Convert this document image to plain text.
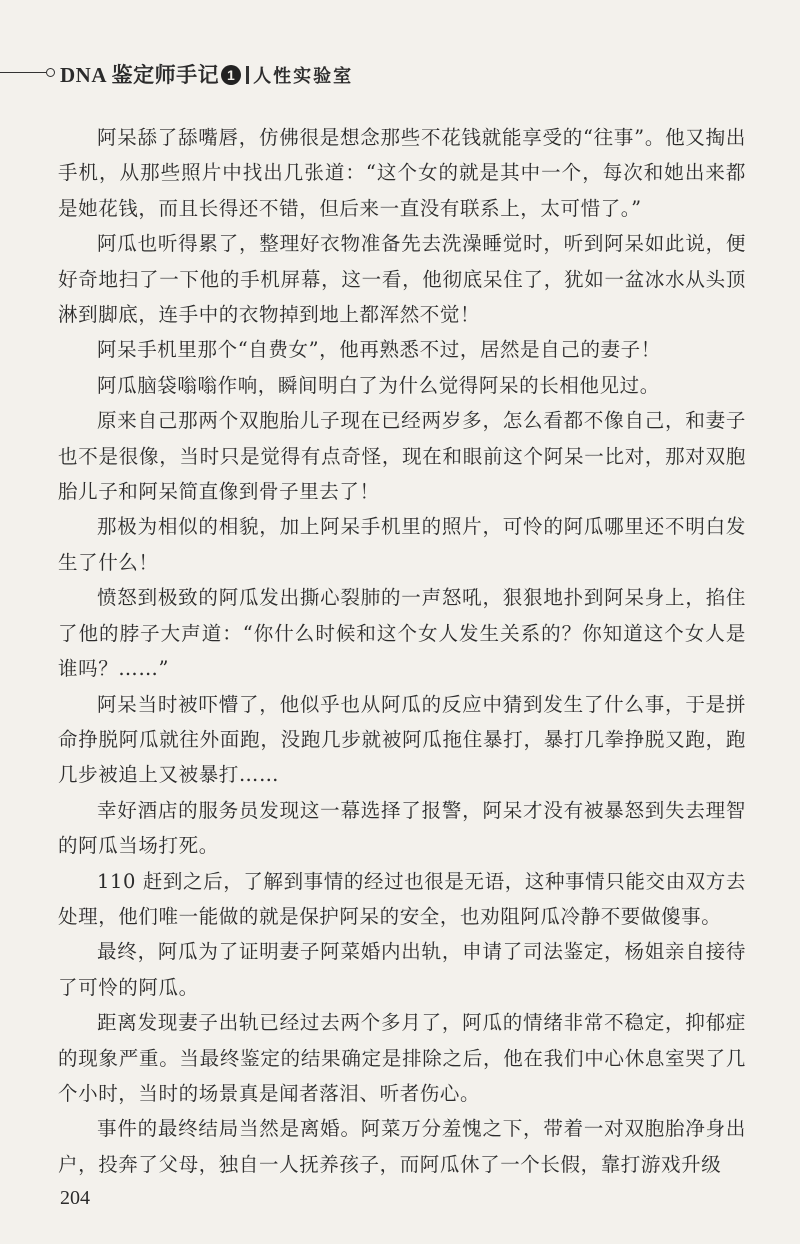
DNA 鉴定师手记 1 人性实验室

阿呆舔了舔嘴唇，仿佛很是想念那些不花钱就能享受的“往事”。他又掏出手机，从那些照片中找出几张道：“这个女的就是其中一个，每次和她出来都是她花钱，而且长得还不错，但后来一直没有联系上，太可惜了。”

阿瓜也听得累了，整理好衣物准备先去洗澡睡觉时，听到阿呆如此说，便好奇地扫了一下他的手机屏幕，这一看，他彻底呆住了，犹如一盆冰水从头顶淋到脚底，连手中的衣物掉到地上都浑然不觉！

阿呆手机里那个“自费女”，他再熟悉不过，居然是自己的妻子！

阿瓜脑袋嗡嗡作响，瞬间明白了为什么觉得阿呆的长相他见过。

原来自己那两个双胞胎儿子现在已经两岁多，怎么看都不像自己，和妻子也不是很像，当时只是觉得有点奇怪，现在和眼前这个阿呆一比对，那对双胞胎儿子和阿呆简直像到骨子里去了！

那极为相似的相貌，加上阿呆手机里的照片，可怜的阿瓜哪里还不明白发生了什么！

愤怒到极致的阿瓜发出撕心裂肺的一声怒吼，狠狠地扑到阿呆身上，掐住了他的脖子大声道：“你什么时候和这个女人发生关系的？你知道这个女人是谁吗？……”

阿呆当时被吓懵了，他似乎也从阿瓜的反应中猜到发生了什么事，于是拼命挣脱阿瓜就往外面跑，没跑几步就被阿瓜拖住暴打，暴打几拳挣脱又跑，跑几步被追上又被暴打……

幸好酒店的服务员发现这一幕选择了报警，阿呆才没有被暴怒到失去理智的阿瓜当场打死。

110 赶到之后，了解到事情的经过也很是无语，这种事情只能交由双方去处理，他们唯一能做的就是保护阿呆的安全，也劝阻阿瓜冷静不要做傻事。

最终，阿瓜为了证明妻子阿菜婚内出轨，申请了司法鉴定，杨姐亲自接待了可怜的阿瓜。

距离发现妻子出轨已经过去两个多月了，阿瓜的情绪非常不稳定，抑郁症的现象严重。当最终鉴定的结果确定是排除之后，他在我们中心休息室哭了几个小时，当时的场景真是闻者落泪、听者伤心。

事件的最终结局当然是离婚。阿菜万分羞愧之下，带着一对双胞胎净身出户，投奔了父母，独自一人抚养孩子，而阿瓜休了一个长假，靠打游戏升级

204
